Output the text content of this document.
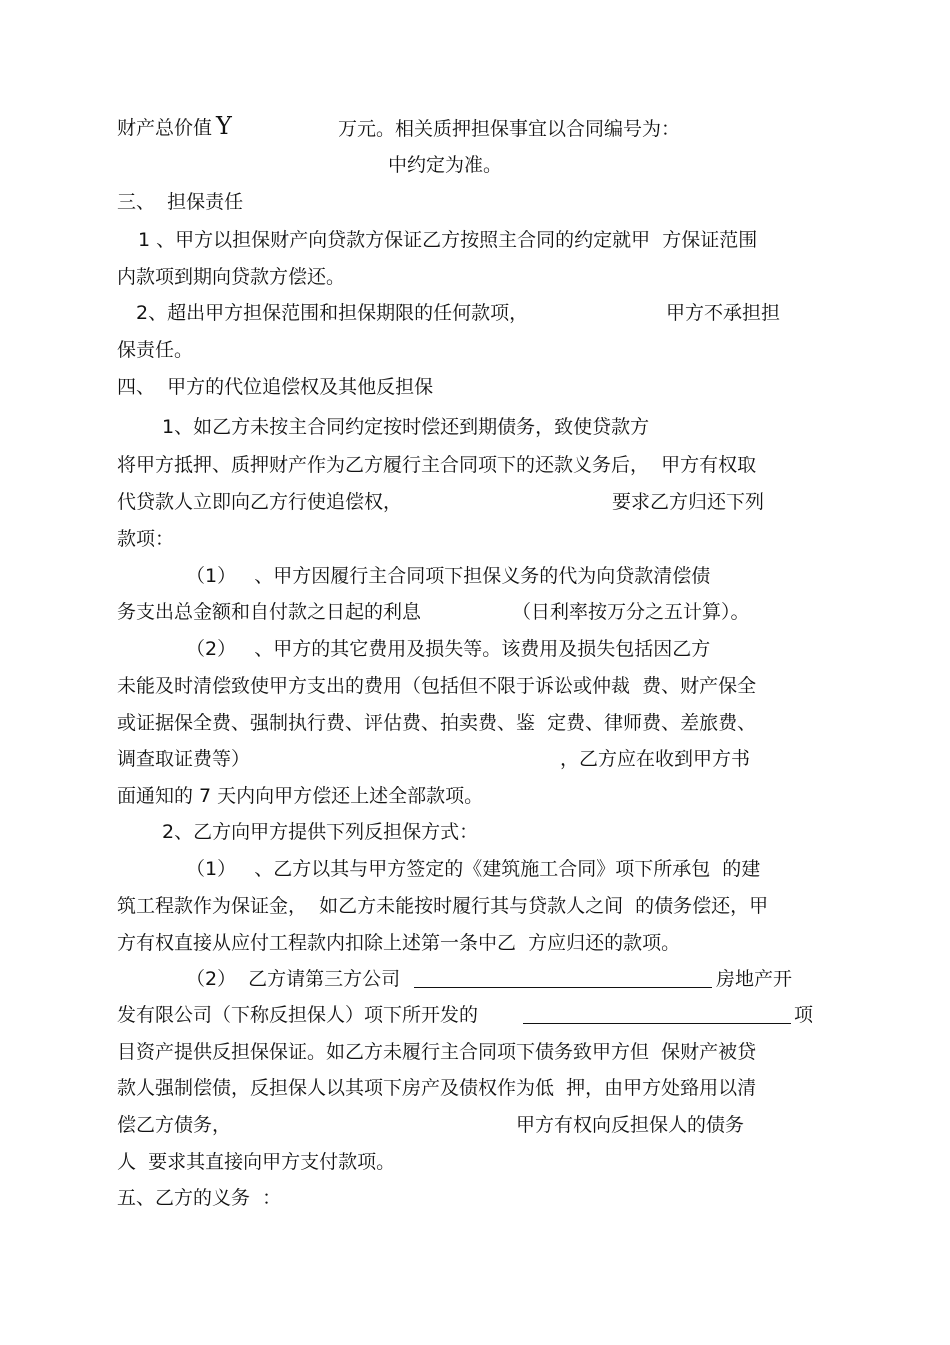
财产总价值 Y	万元。相关质押担保事宜以合同编号为：
中约定为准。
三、  担保责任
1 、甲方以担保财产向贷款方保证乙方按照主合同的约定就甲  方保证范围
内款项到期向贷款方偿还。
2、超出甲方担保范围和担保期限的任何款项，	甲方不承担担
保责任。
四、  甲方的代位追偿权及其他反担保
1、如乙方未按主合同约定按时偿还到期债务，致使贷款方
将甲方抵押、质押财产作为乙方履行主合同项下的还款义务后，  甲方有权取
代贷款人立即向乙方行使追偿权，	要求乙方归还下列
款项：
（1）   、甲方因履行主合同项下担保义务的代为向贷款清偿债
务支出总金额和自付款之日起的利息	（日利率按万分之五计算）。
（2）   、甲方的其它费用及损失等。该费用及损失包括因乙方
未能及时清偿致使甲方支出的费用（包括但不限于诉讼或仲裁  费、财产保全
或证据保全费、强制执行费、评估费、拍卖费、鉴  定费、律师费、差旅费、
调查取证费等）	，乙方应在收到甲方书
面通知的 7 天内向甲方偿还上述全部款项。
2、乙方向甲方提供下列反担保方式：
（1）   、乙方以其与甲方签定的《建筑施工合同》项下所承包  的建
筑工程款作为保证金，  如乙方未能按时履行其与贷款人之间  的债务偿还，甲
方有权直接从应付工程款内扣除上述第一条中乙  方应归还的款项。
（2）  乙方请第三方公司	房地产开
发有限公司（下称反担保人）项下所开发的	项
目资产提供反担保保证。如乙方未履行主合同项下债务致甲方但  保财产被贷
款人强制偿债，反担保人以其项下房产及债权作为低  押，由甲方处臵用以清
偿乙方债务，	甲方有权向反担保人的债务
人  要求其直接向甲方支付款项。
五、乙方的义务  ：
